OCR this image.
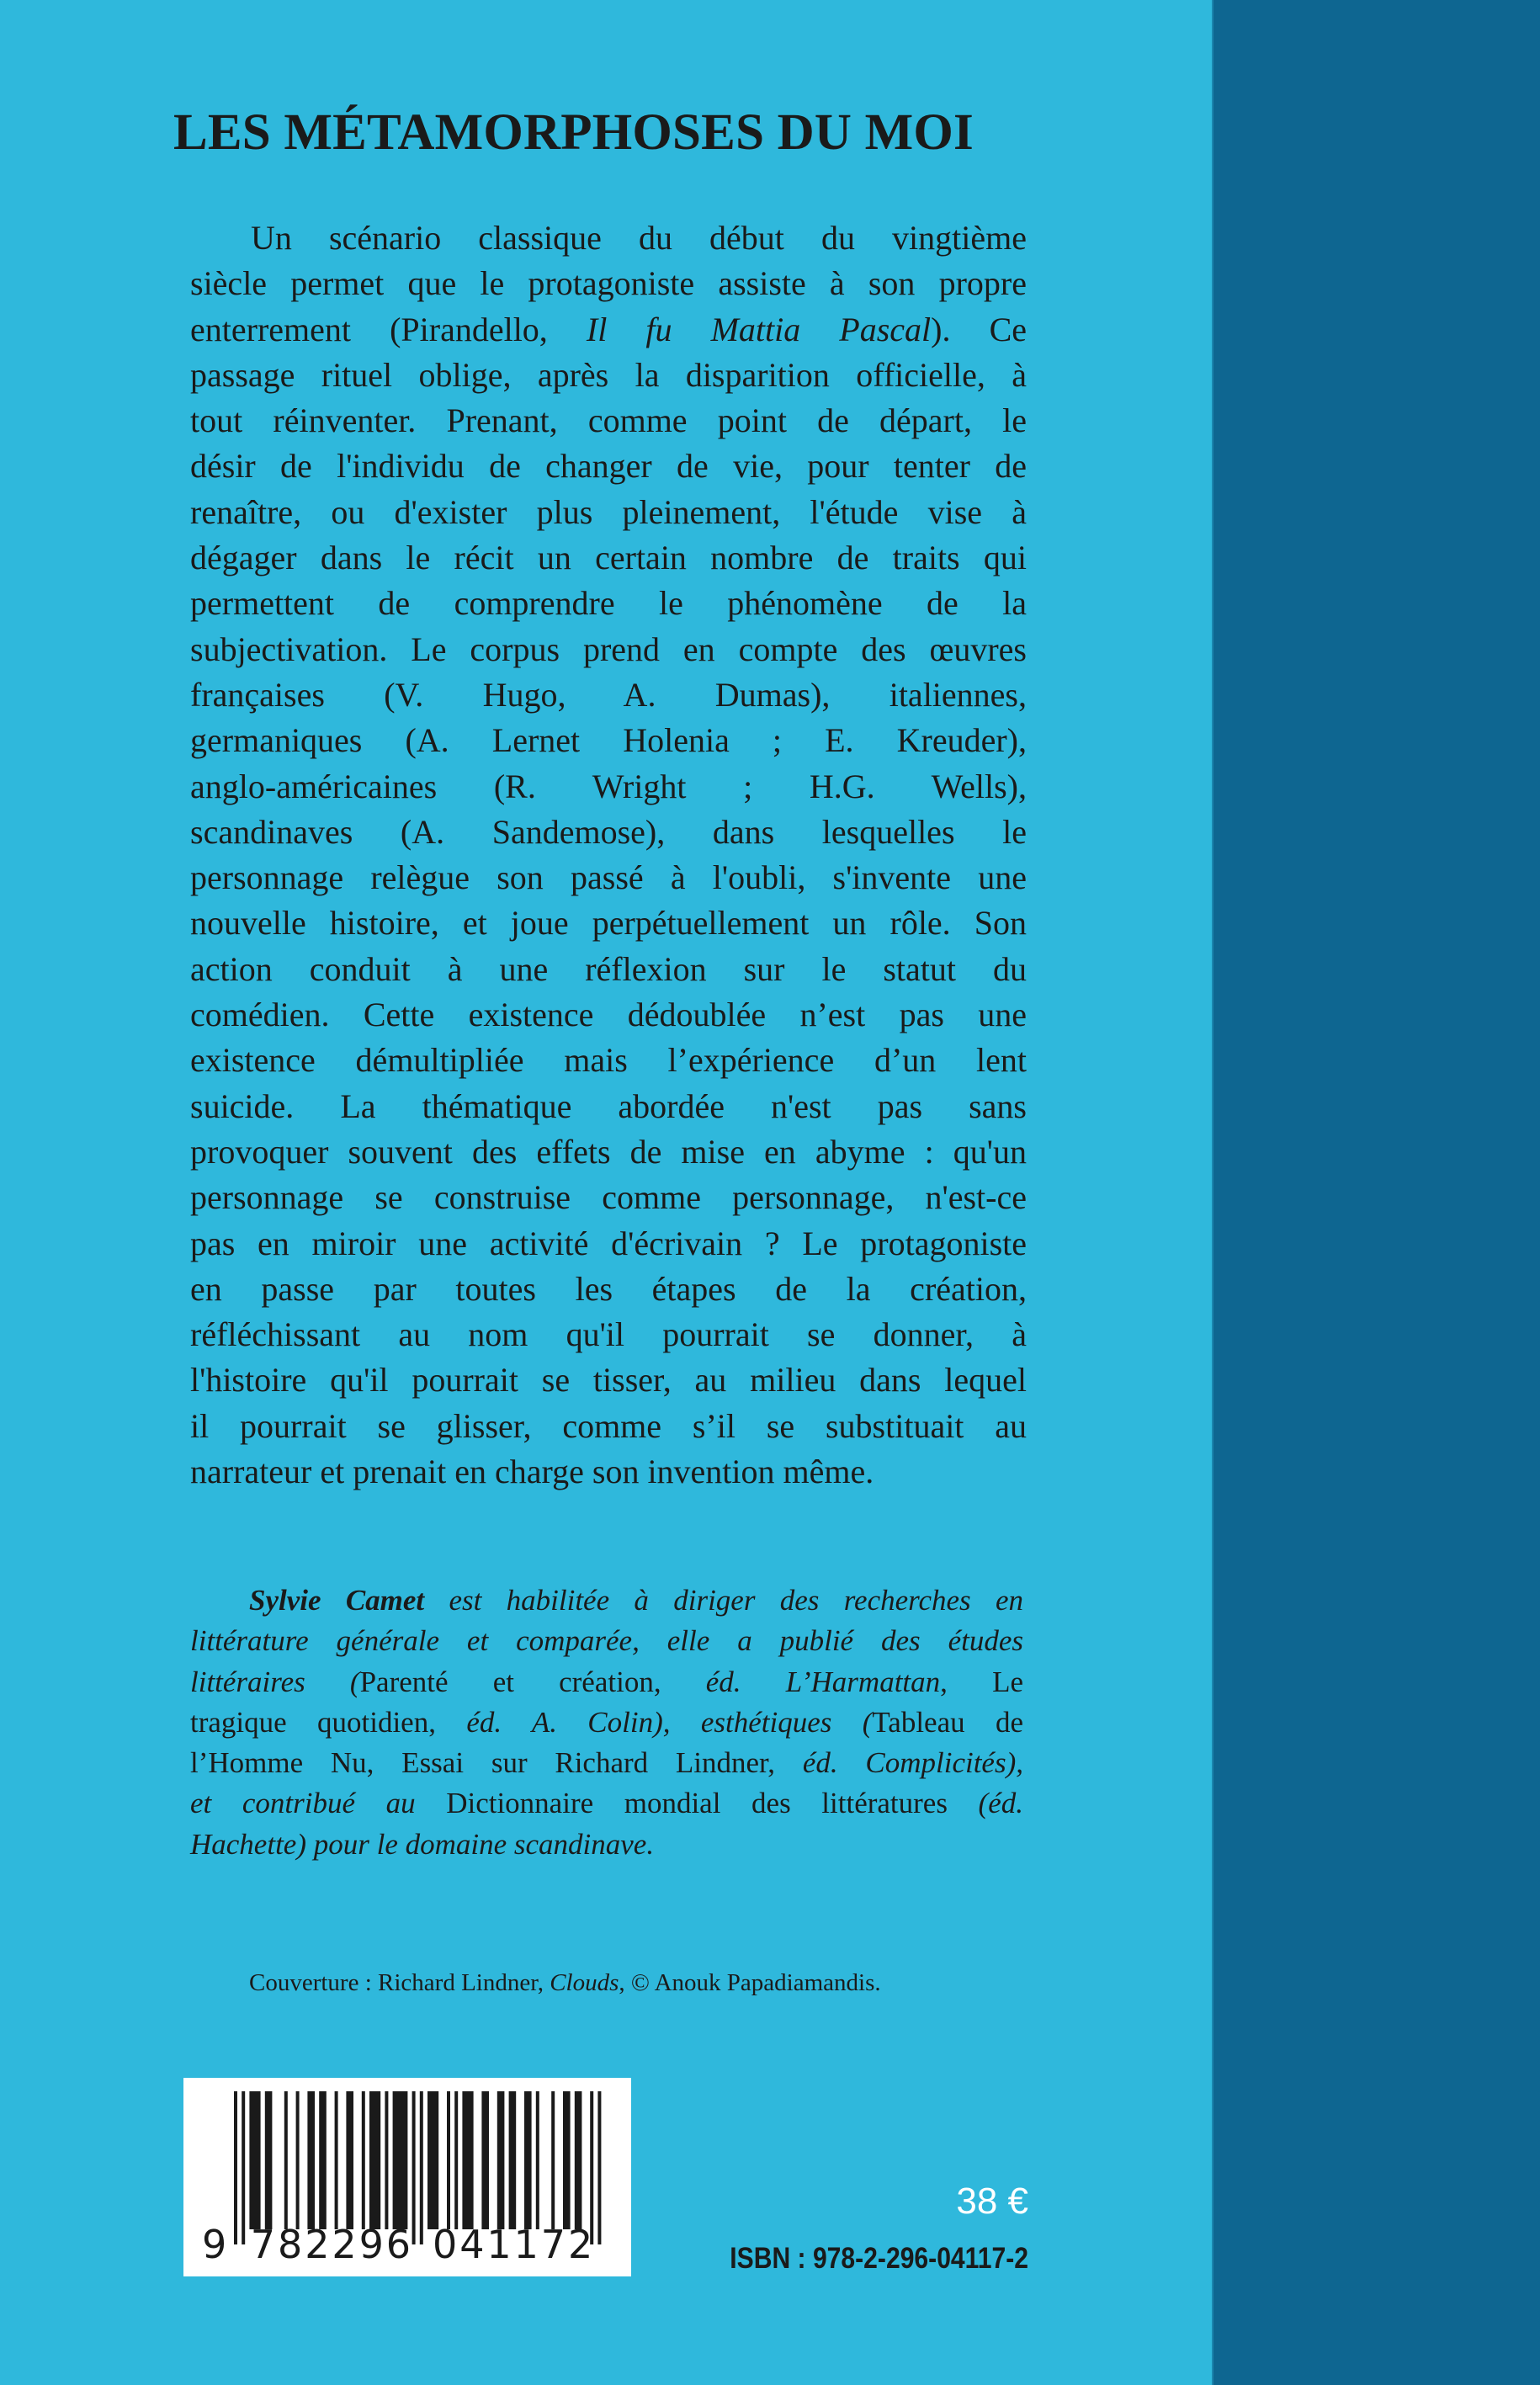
LES MÉTAMORPHOSES DU MOI
Un scénario classique du début du vingtième
siècle permet que le protagoniste assiste à son propre
enterrement (Pirandello, Il fu Mattia Pascal). Ce
passage rituel oblige, après la disparition officielle, à
tout réinventer. Prenant, comme point de départ, le
désir de l'individu de changer de vie, pour tenter de
renaître, ou d'exister plus pleinement, l'étude vise à
dégager dans le récit un certain nombre de traits qui
permettent de comprendre le phénomène de la
subjectivation. Le corpus prend en compte des œuvres
françaises (V. Hugo, A. Dumas), italiennes,
germaniques (A. Lernet Holenia ; E. Kreuder),
anglo-américaines (R. Wright ; H.G. Wells),
scandinaves (A. Sandemose), dans lesquelles le
personnage relègue son passé à l'oubli, s'invente une
nouvelle histoire, et joue perpétuellement un rôle. Son
action conduit à une réflexion sur le statut du
comédien. Cette existence dédoublée n’est pas une
existence démultipliée mais l’expérience d’un lent
suicide. La thématique abordée n'est pas sans
provoquer souvent des effets de mise en abyme : qu'un
personnage se construise comme personnage, n'est-ce
pas en miroir une activité d'écrivain ? Le protagoniste
en passe par toutes les étapes de la création,
réfléchissant au nom qu'il pourrait se donner, à
l'histoire qu'il pourrait se tisser, au milieu dans lequel
il pourrait se glisser, comme s’il se substituait au
narrateur et prenait en charge son invention même.
Sylvie Camet est habilitée à diriger des recherches en
littérature générale et comparée, elle a publié des études
littéraires (Parenté et création, éd. L’Harmattan, Le
tragique quotidien, éd. A. Colin), esthétiques (Tableau de
l’Homme Nu, Essai sur Richard Lindner, éd. Complicités),
et contribué au Dictionnaire mondial des littératures (éd.
Hachette) pour le domaine scandinave.
Couverture : Richard Lindner, Clouds, © Anouk Papadiamandis.
9 7 8 2 2 9 6 0 4 1 1 7 2
38 €
ISBN : 978-2-296-04117-2
